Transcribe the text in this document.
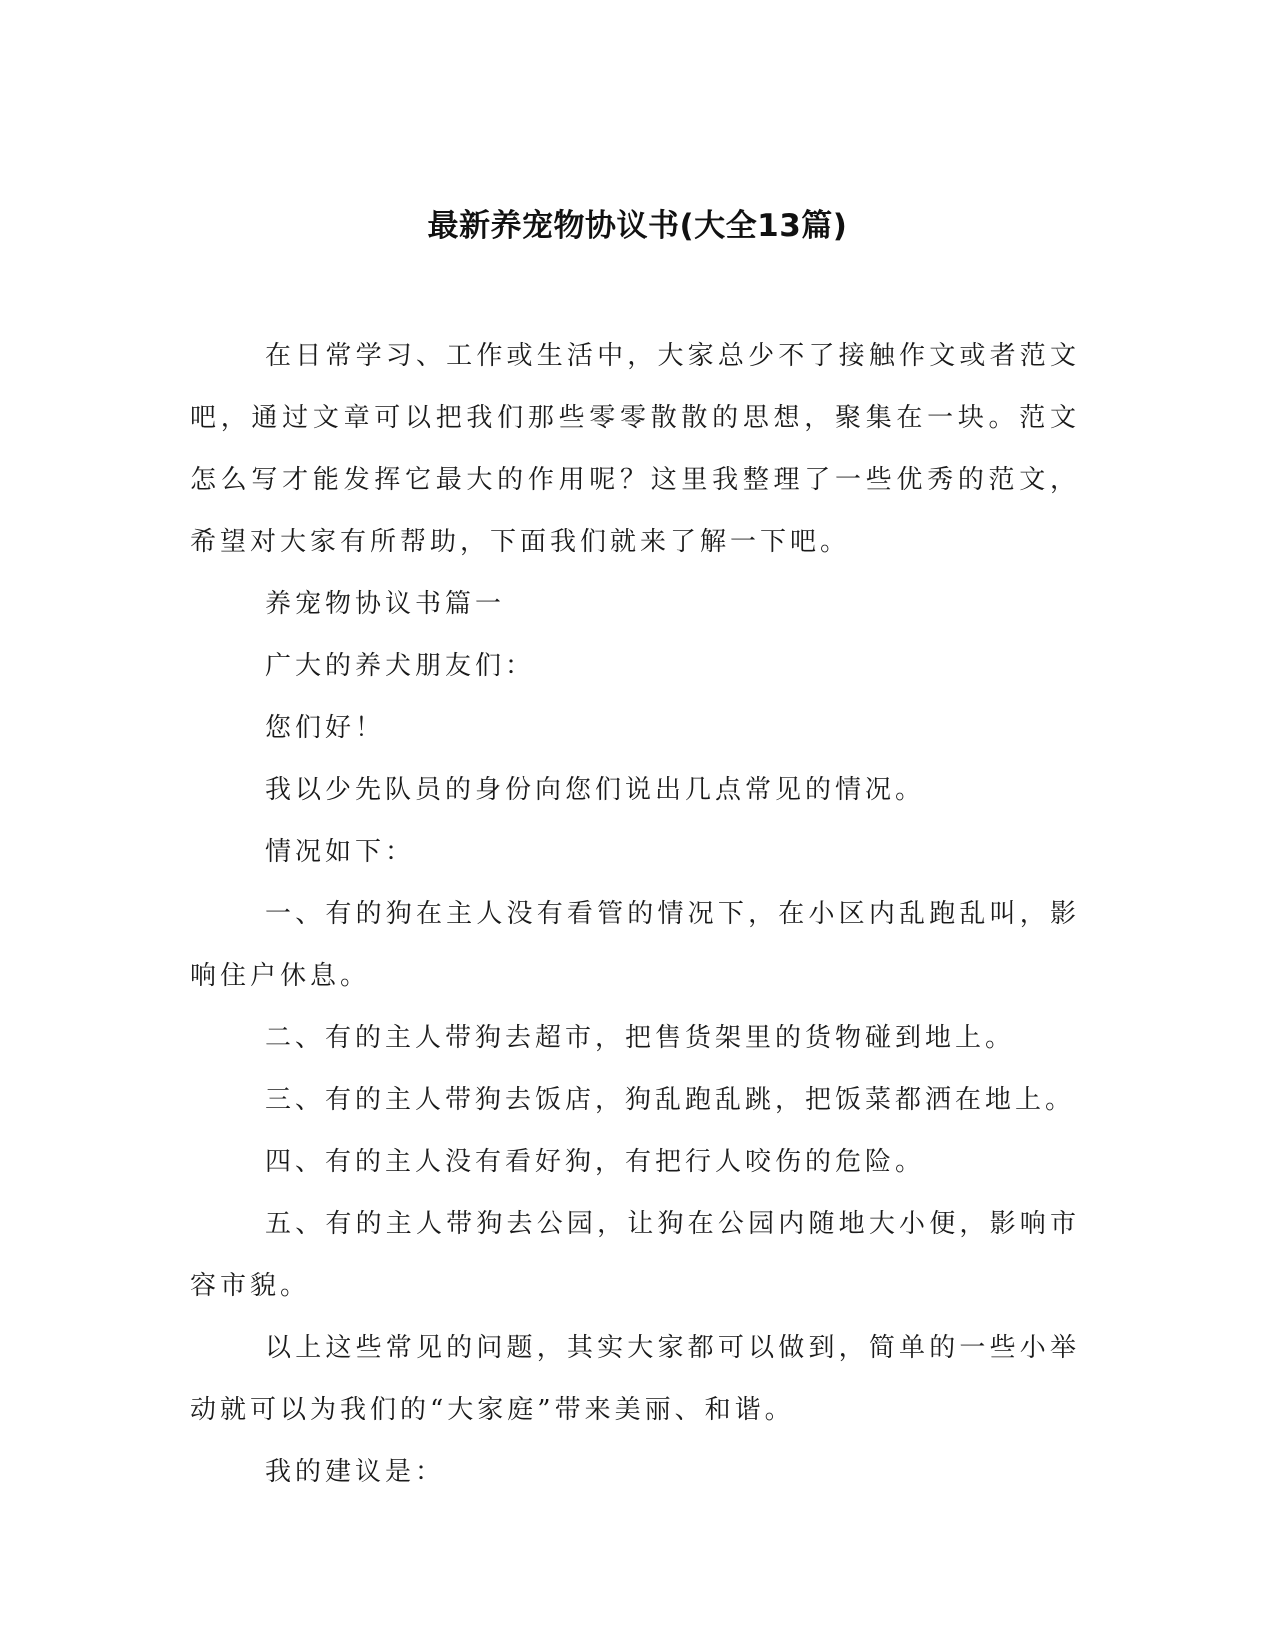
最新养宠物协议书(大全13篇)

在日常学习、工作或生活中，大家总少不了接触作文或者范文吧，通过文章可以把我们那些零零散散的思想，聚集在一块。范文怎么写才能发挥它最大的作用呢？这里我整理了一些优秀的范文，希望对大家有所帮助，下面我们就来了解一下吧。

养宠物协议书篇一

广大的养犬朋友们：

您们好！

我以少先队员的身份向您们说出几点常见的情况。

情况如下：

一、有的狗在主人没有看管的情况下，在小区内乱跑乱叫，影响住户休息。

二、有的主人带狗去超市，把售货架里的货物碰到地上。

三、有的主人带狗去饭店，狗乱跑乱跳，把饭菜都洒在地上。

四、有的主人没有看好狗，有把行人咬伤的危险。

五、有的主人带狗去公园，让狗在公园内随地大小便，影响市容市貌。

以上这些常见的问题，其实大家都可以做到，简单的一些小举动就可以为我们的“大家庭”带来美丽、和谐。

我的建议是：
